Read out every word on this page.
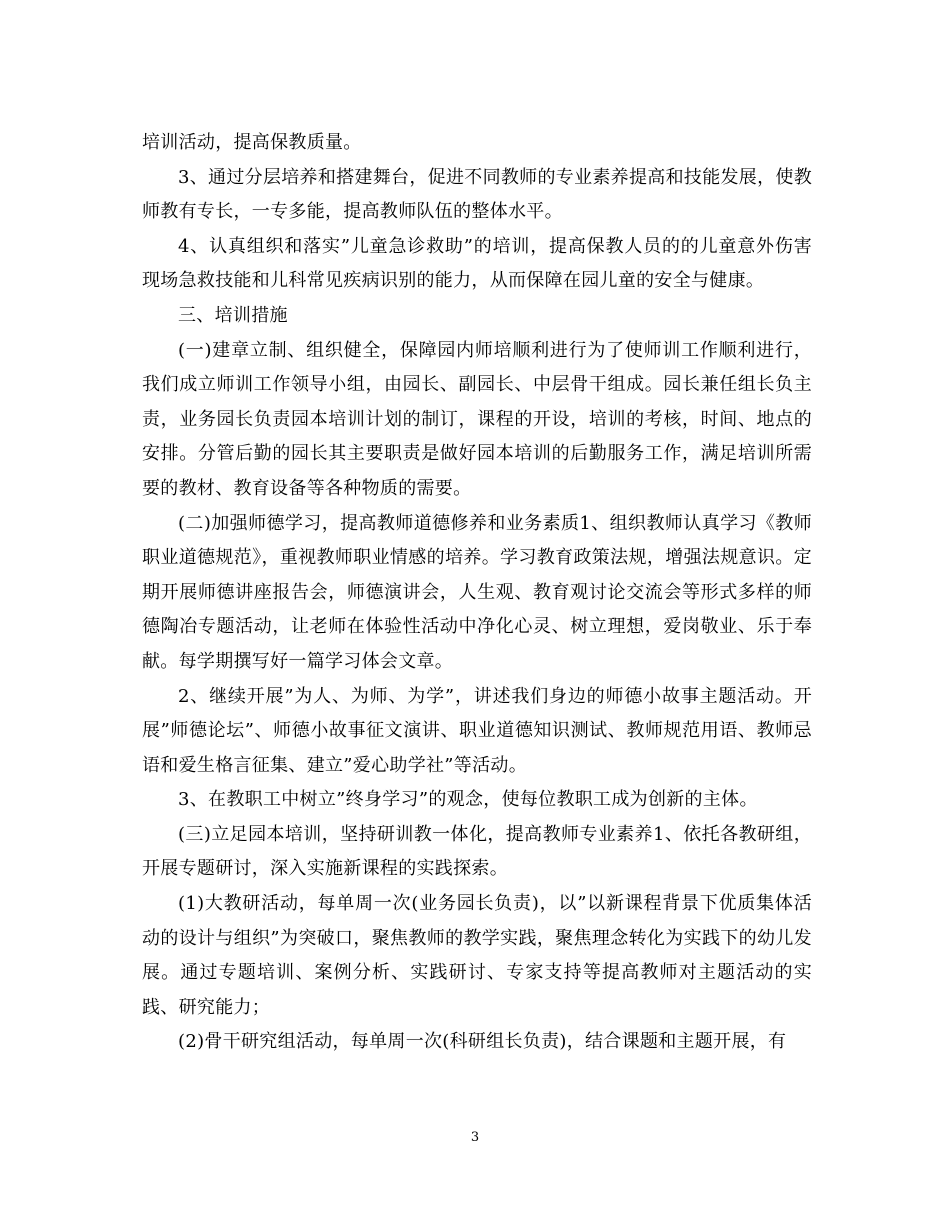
培训活动，提高保教质量。

3、通过分层培养和搭建舞台，促进不同教师的专业素养提高和技能发展，使教师教有专长，一专多能，提高教师队伍的整体水平。

4、认真组织和落实”儿童急诊救助”的培训，提高保教人员的的儿童意外伤害现场急救技能和儿科常见疾病识别的能力，从而保障在园儿童的安全与健康。

三、培训措施

(一)建章立制、组织健全，保障园内师培顺利进行为了使师训工作顺利进行，我们成立师训工作领导小组，由园长、副园长、中层骨干组成。园长兼任组长负主责，业务园长负责园本培训计划的制订，课程的开设，培训的考核，时间、地点的安排。分管后勤的园长其主要职责是做好园本培训的后勤服务工作，满足培训所需要的教材、教育设备等各种物质的需要。

(二)加强师德学习，提高教师道德修养和业务素质1、组织教师认真学习《教师职业道德规范》，重视教师职业情感的培养。学习教育政策法规，增强法规意识。定期开展师德讲座报告会，师德演讲会，人生观、教育观讨论交流会等形式多样的师德陶冶专题活动，让老师在体验性活动中净化心灵、树立理想，爱岗敬业、乐于奉献。每学期撰写好一篇学习体会文章。

2、继续开展”为人、为师、为学”，讲述我们身边的师德小故事主题活动。开展”师德论坛”、师德小故事征文演讲、职业道德知识测试、教师规范用语、教师忌语和爱生格言征集、建立”爱心助学社”等活动。

3、在教职工中树立”终身学习”的观念，使每位教职工成为创新的主体。

(三)立足园本培训，坚持研训教一体化，提高教师专业素养1、依托各教研组，开展专题研讨，深入实施新课程的实践探索。

(1)大教研活动，每单周一次(业务园长负责)，以”以新课程背景下优质集体活动的设计与组织”为突破口，聚焦教师的教学实践，聚焦理念转化为实践下的幼儿发展。通过专题培训、案例分析、实践研讨、专家支持等提高教师对主题活动的实践、研究能力；

(2)骨干研究组活动，每单周一次(科研组长负责)，结合课题和主题开展，有

3
